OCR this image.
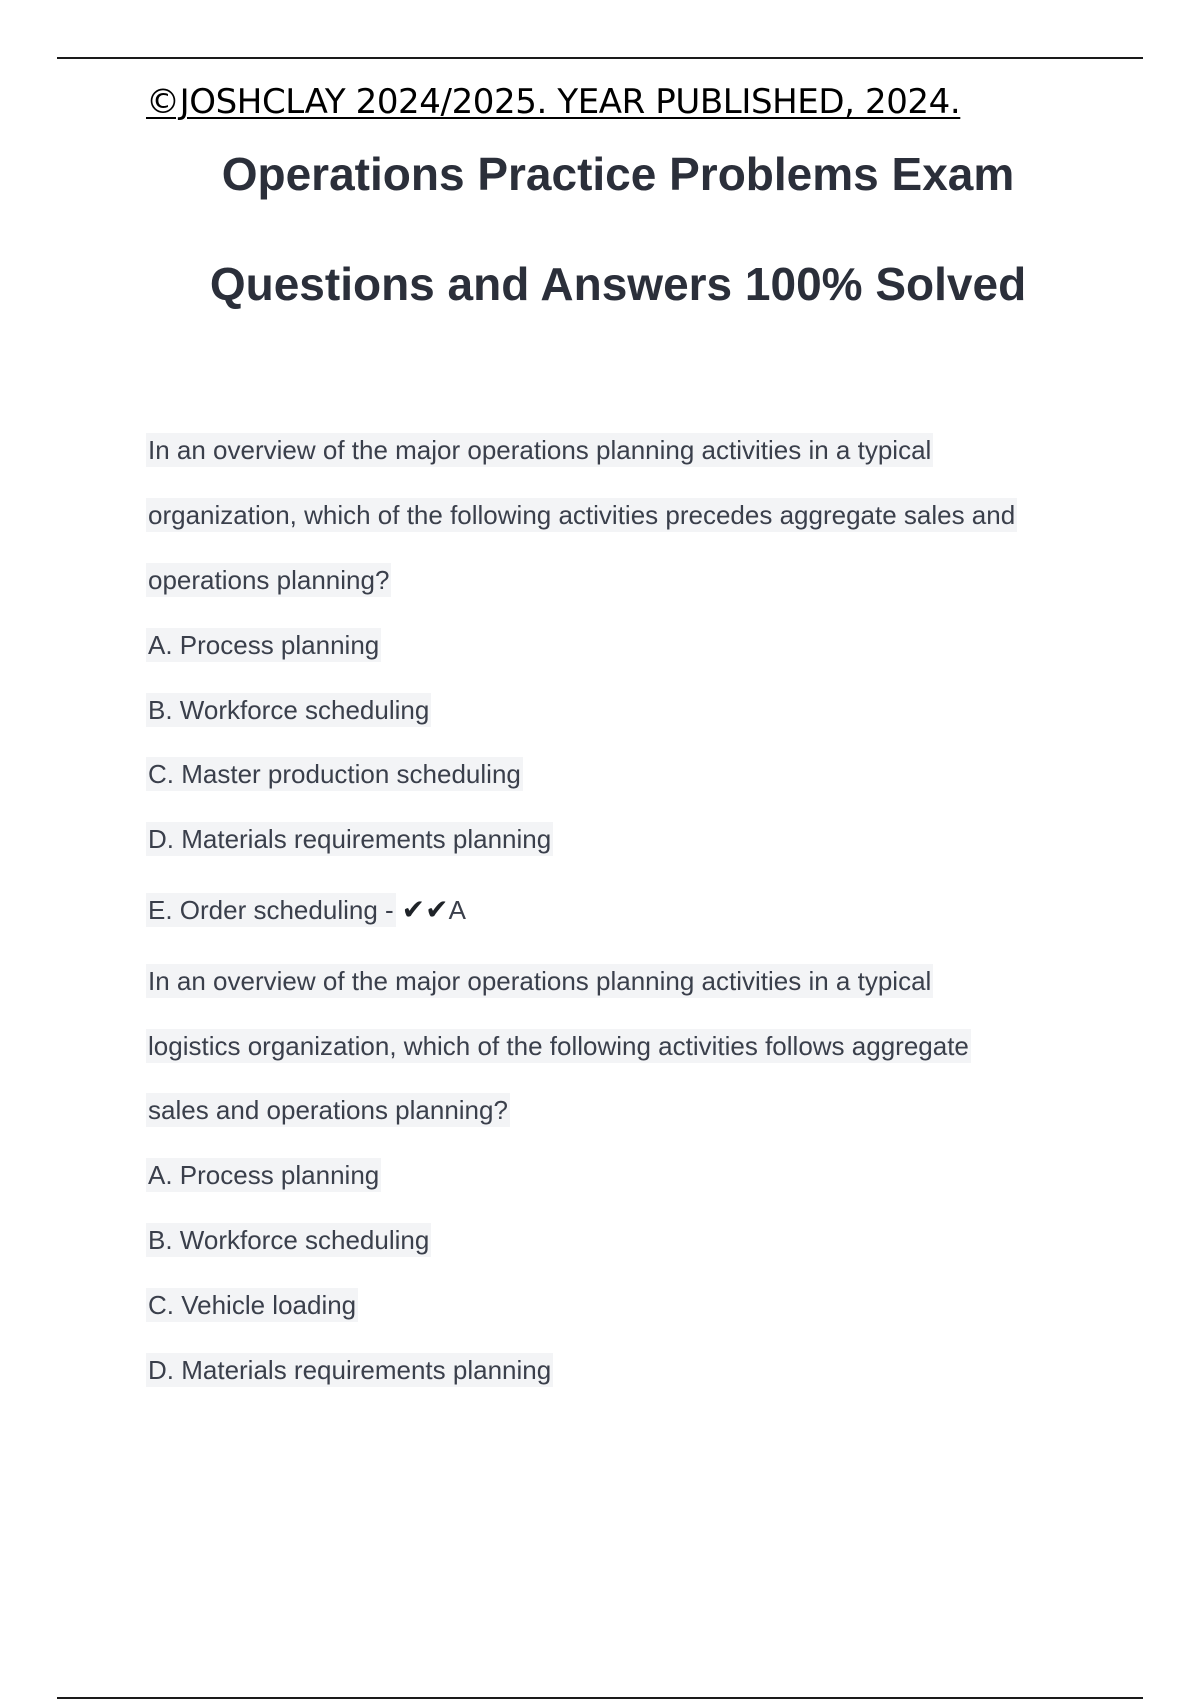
©JOSHCLAY 2024/2025. YEAR PUBLISHED, 2024.
Operations Practice Problems Exam
Questions and Answers 100% Solved
In an overview of the major operations planning activities in a typical
organization, which of the following activities precedes aggregate sales and
operations planning?
A. Process planning
B. Workforce scheduling
C. Master production scheduling
D. Materials requirements planning
E. Order scheduling - ✔✔A
In an overview of the major operations planning activities in a typical
logistics organization, which of the following activities follows aggregate
sales and operations planning?
A. Process planning
B. Workforce scheduling
C. Vehicle loading
D. Materials requirements planning
